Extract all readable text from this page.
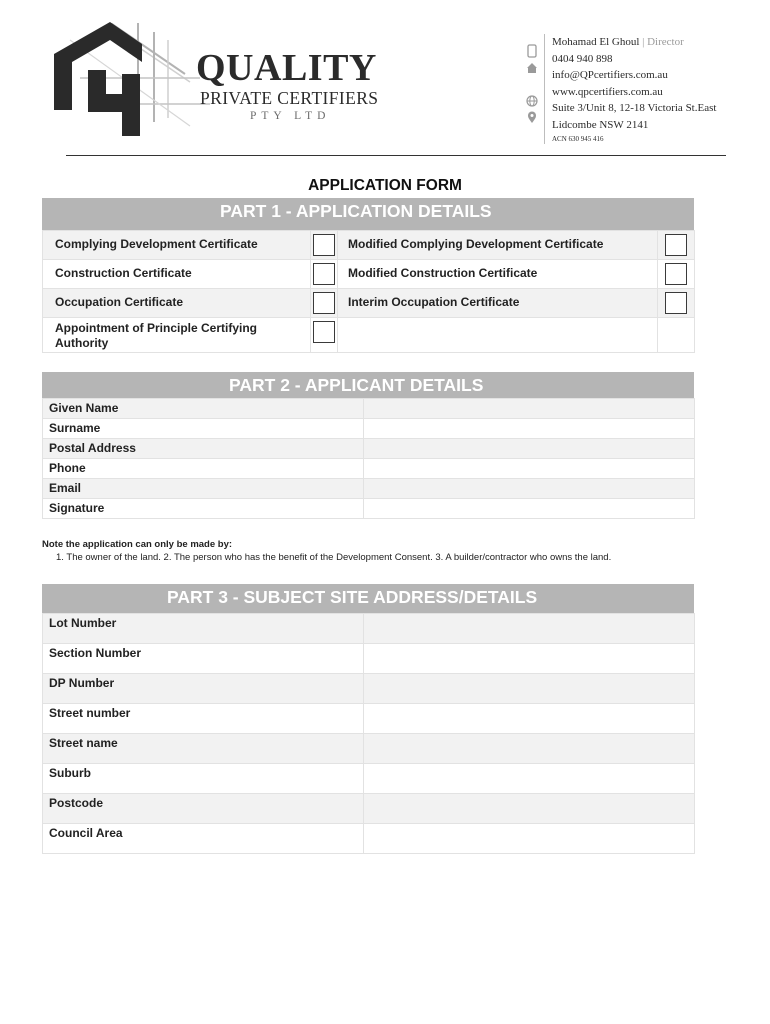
QUALITY
PRIVATE CERTIFIERS
PTY LTD
Mohamad El Ghoul | Director
0404 940 898
info@QPcertifiers.com.au
www.qpcertifiers.com.au
Suite 3/Unit 8, 12-18 Victoria St.East
Lidcombe NSW 2141
ACN 630 945 416
APPLICATION FORM
PART 1 - APPLICATION DETAILS
Complying Development Certificate		Modified Complying Development Certificate	

Construction Certificate		Modified Construction Certificate	

Occupation Certificate		Interim Occupation Certificate	

Appointment of Principle Certifying Authority	

PART 2 - APPLICANT DETAILS
Given Name	
Surname	
Postal Address	
Phone	
Email	
Signature	
Note the application can only be made by:
1. The owner of the land. 2. The person who has the benefit of the Development Consent. 3. A builder/contractor who owns the land.
PART 3 - SUBJECT SITE ADDRESS/DETAILS
Lot Number	
Section Number	
DP Number	
Street number	
Street name	
Suburb	
Postcode	
Council Area	
